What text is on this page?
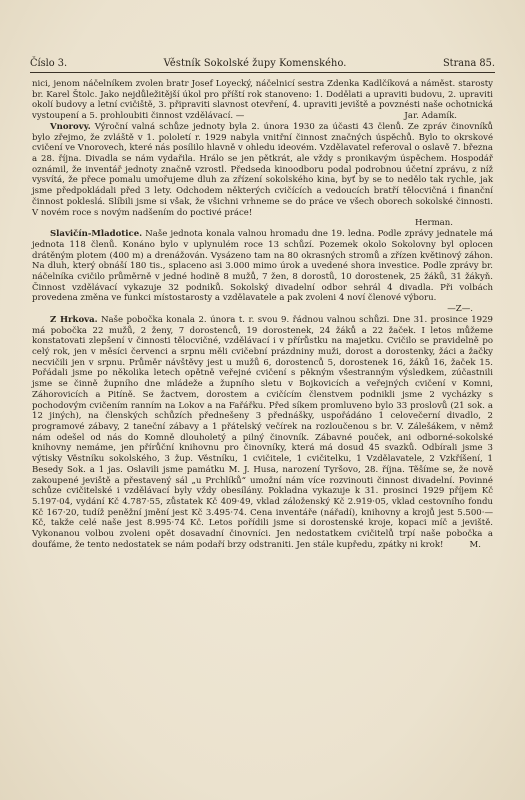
Číslo 3.	Věstník Sokolské župy Komenského.	Strana 85.

nici, jenom náčelníkem zvolen bratr Josef Loyecký, náčelnicí sestra Zdenka Kadlčíková a náměst. starosty br. Karel Štolc. Jako nejdůležitější úkol pro příští rok stanoveno: 1. Dodělati a upraviti budovu, 2. upraviti okolí budovy a letní cvičiště, 3. připraviti slavnost otevření, 4. upraviti jeviště a povznésti naše ochotnická vystoupení a 5. prohloubiti činnost vzdělávací. —	Jar. Adamík.

Vnorovy. Výroční valná schůze jednoty byla 2. února 1930 za účasti 43 členů. Ze zpráv činovníků bylo zřejmo, že zvláště v 1. pololetí r. 1929 nabyla vnitřní činnost značných úspěchů. Bylo to okrskové cvičení ve Vnorovech, které nás posílilo hlavně v ohledu ideovém. Vzdělavatel referoval o oslavě 7. března a 28. října. Divadla se nám vydařila. Hrálo se jen pětkrát, ale vždy s pronikavým úspěchem. Hospodář oznámil, že inventář jednoty značně vzrostl. Předseda kinoodboru podal podrobnou účetní zprávu, z níž vysvítá, že přece pomalu umořujeme dluh za zřízení sokolského kina, byť by se to nedělo tak rychle, jak jsme předpokládali před 3 lety. Odchodem některých cvičících a vedoucích bratří tělocvičná i finanční činnost pokleslá. Slíbili jsme si však, že všichni vrhneme se do práce ve všech oborech sokolské činnosti. V novém roce s novým nadšením do poctivé práce!

Herman.

Slavičín-Mladotice. Naše jednota konala valnou hromadu dne 19. ledna. Podle zprávy jednatele má jednota 118 členů. Konáno bylo v uplynulém roce 13 schůzí. Pozemek okolo Sokolovny byl oplocen drátěným plotem (400 m) a drenážován. Vysázeno tam na 80 okrasných stromů a zřízen květinový záhon. Na dluh, který obnáší 180 tis., splaceno asi 3.000 mimo úrok a uvedené shora investice. Podle zprávy br. náčelníka cvičilo průměrně v jedné hodině 8 mužů, 7 žen, 8 dorostů, 10 dorostenek, 25 žáků, 31 žákyň. Činnost vzdělávací vykazuje 32 podniků. Sokolský divadelní odbor sehrál 4 divadla. Při volbách provedena změna ve funkci místostarosty a vzdělavatele a pak zvoleni 4 noví členové výboru.
—Z—.

Z Hrkova. Naše pobočka konala 2. února t. r. svou 9. řádnou valnou schůzi. Dne 31. prosince 1929 má pobočka 22 mužů, 2 ženy, 7 dorostenců, 19 dorostenek, 24 žáků a 22 žaček. I letos můžeme konstatovati zlepšení v činnosti tělocvičné, vzdělávací i v přírůstku na majetku. Cvičilo se pravidelně po celý rok, jen v měsíci červenci a srpnu měli cvičební prázdniny muži, dorost a dorostenky, žáci a žačky necvičili jen v srpnu. Průměr návštěvy jest u mužů 6, dorostenců 5, dorostenek 16, žáků 16, žaček 15. Pořádali jsme po několika letech opětně veřejné cvičení s pěkným všestranným výsledkem, zúčastnili jsme se činně župního dne mládeže a župního sletu v Bojkovicích a veřejných cvičení v Komni, Záhorovicích a Pitíně. Se žactvem, dorostem a cvičícím členstvem podnikli jsme 2 vycházky s pochodovým cvičením ranním na Lokov a na Fařářku. Před síkem promluveno bylo 33 proslovů (21 sok. a 12 jiných), na členských schůzích přednešeny 3 přednášky, uspořádáno 1 celovečerní divadlo, 2 programové zábavy, 2 taneční zábavy a 1 přátelský večírek na rozloučenou s br. V. Zálešákem, v němž nám odešel od nás do Komně dlouholetý a pilný činovník. Zábavné pouček, ani odborné-sokolské knihovny nemáme, jen přírůční knihovnu pro činovníky, která má dosud 45 svazků. Odbírali jsme 3 výtisky Věstníku sokolského, 3 žup. Věstníku, 1 cvičitele, 1 cvičitelku, 1 Vzdělavatele, 2 Vzkříšení, 1 Besedy Sok. a 1 jas. Oslavili jsme památku M. J. Husa, narození Tyršovo, 28. října. Těšíme se, že nově zakoupené jeviště a přestavený sál „u Prchlíků“ umožní nám více rozvinouti činnost divadelní. Povinné schůze cvičitelské i vzdělávací byly vždy obesílány. Pokladna vykazuje k 31. prosinci 1929 příjem Kč 5.197·04, vydání Kč 4.787·55, zůstatek Kč 409·49, vklad záloženský Kč 2.919·05, vklad cestovního fondu Kč 167·20, tudíž peněžní jmění jest Kč 3.495·74. Cena inventáře (nářadí), knihovny a krojů jest 5.500·— Kč, takže celé naše jest 8.995·74 Kč. Letos pořídili jsme si dorostenské kroje, kopaci míč a jeviště. Vykonanou volbou zvoleni opět dosavadní činovníci. Jen nedostatkem cvičitelů trpí naše pobočka a doufáme, že tento nedostatek se nám podaří brzy odstraniti. Jen stále kupředu, zpátky ni krok!	M.
